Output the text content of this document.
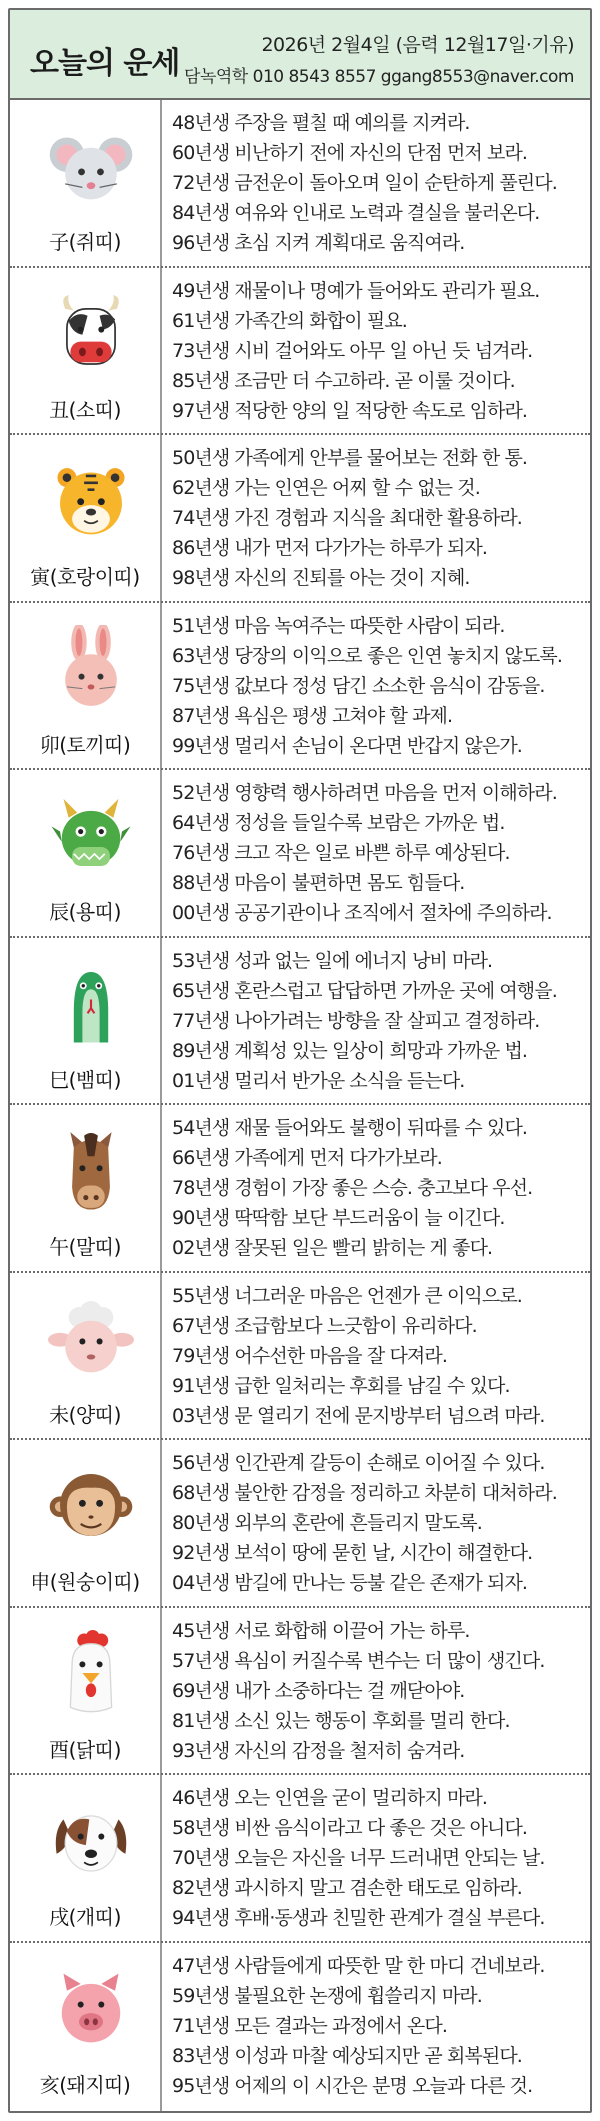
오늘의 운세
2026년 2월4일 (음력 12월17일·기유)
담녹역학 010 8543 8557 ggang8553@naver.com
子(쥐띠)
48년생 주장을 펼칠 때 예의를 지켜라.
60년생 비난하기 전에 자신의 단점 먼저 보라.
72년생 금전운이 돌아오며 일이 순탄하게 풀린다.
84년생 여유와 인내로 노력과 결실을 불러온다.
96년생 초심 지켜 계획대로 움직여라.
丑(소띠)
49년생 재물이나 명예가 들어와도 관리가 필요.
61년생 가족간의 화합이 필요.
73년생 시비 걸어와도 아무 일 아닌 듯 넘겨라.
85년생 조금만 더 수고하라. 곧 이룰 것이다.
97년생 적당한 양의 일 적당한 속도로 임하라.
寅(호랑이띠)
50년생 가족에게 안부를 물어보는 전화 한 통.
62년생 가는 인연은 어찌 할 수 없는 것.
74년생 가진 경험과 지식을 최대한 활용하라.
86년생 내가 먼저 다가가는 하루가 되자.
98년생 자신의 진퇴를 아는 것이 지혜.
卯(토끼띠)
51년생 마음 녹여주는 따뜻한 사람이 되라.
63년생 당장의 이익으로 좋은 인연 놓치지 않도록.
75년생 값보다 정성 담긴 소소한 음식이 감동을.
87년생 욕심은 평생 고쳐야 할 과제.
99년생 멀리서 손님이 온다면 반갑지 않은가.
辰(용띠)
52년생 영향력 행사하려면 마음을 먼저 이해하라.
64년생 정성을 들일수록 보람은 가까운 법.
76년생 크고 작은 일로 바쁜 하루 예상된다.
88년생 마음이 불편하면 몸도 힘들다.
00년생 공공기관이나 조직에서 절차에 주의하라.
巳(뱀띠)
53년생 성과 없는 일에 에너지 낭비 마라.
65년생 혼란스럽고 답답하면 가까운 곳에 여행을.
77년생 나아가려는 방향을 잘 살피고 결정하라.
89년생 계획성 있는 일상이 희망과 가까운 법.
01년생 멀리서 반가운 소식을 듣는다.
午(말띠)
54년생 재물 들어와도 불행이 뒤따를 수 있다.
66년생 가족에게 먼저 다가가보라.
78년생 경험이 가장 좋은 스승. 충고보다 우선.
90년생 딱딱함 보단 부드러움이 늘 이긴다.
02년생 잘못된 일은 빨리 밝히는 게 좋다.
未(양띠)
55년생 너그러운 마음은 언젠가 큰 이익으로.
67년생 조급함보다 느긋함이 유리하다.
79년생 어수선한 마음을 잘 다져라.
91년생 급한 일처리는 후회를 남길 수 있다.
03년생 문 열리기 전에 문지방부터 넘으려 마라.
申(원숭이띠)
56년생 인간관계 갈등이 손해로 이어질 수 있다.
68년생 불안한 감정을 정리하고 차분히 대처하라.
80년생 외부의 혼란에 흔들리지 말도록.
92년생 보석이 땅에 묻힌 날, 시간이 해결한다.
04년생 밤길에 만나는 등불 같은 존재가 되자.
酉(닭띠)
45년생 서로 화합해 이끌어 가는 하루.
57년생 욕심이 커질수록 변수는 더 많이 생긴다.
69년생 내가 소중하다는 걸 깨닫아야.
81년생 소신 있는 행동이 후회를 멀리 한다.
93년생 자신의 감정을 철저히 숨겨라.
戌(개띠)
46년생 오는 인연을 굳이 멀리하지 마라.
58년생 비싼 음식이라고 다 좋은 것은 아니다.
70년생 오늘은 자신을 너무 드러내면 안되는 날.
82년생 과시하지 말고 겸손한 태도로 임하라.
94년생 후배·동생과 친밀한 관계가 결실 부른다.
亥(돼지띠)
47년생 사람들에게 따뜻한 말 한 마디 건네보라.
59년생 불필요한 논쟁에 휩쓸리지 마라.
71년생 모든 결과는 과정에서 온다.
83년생 이성과 마찰 예상되지만 곧 회복된다.
95년생 어제의 이 시간은 분명 오늘과 다른 것.
